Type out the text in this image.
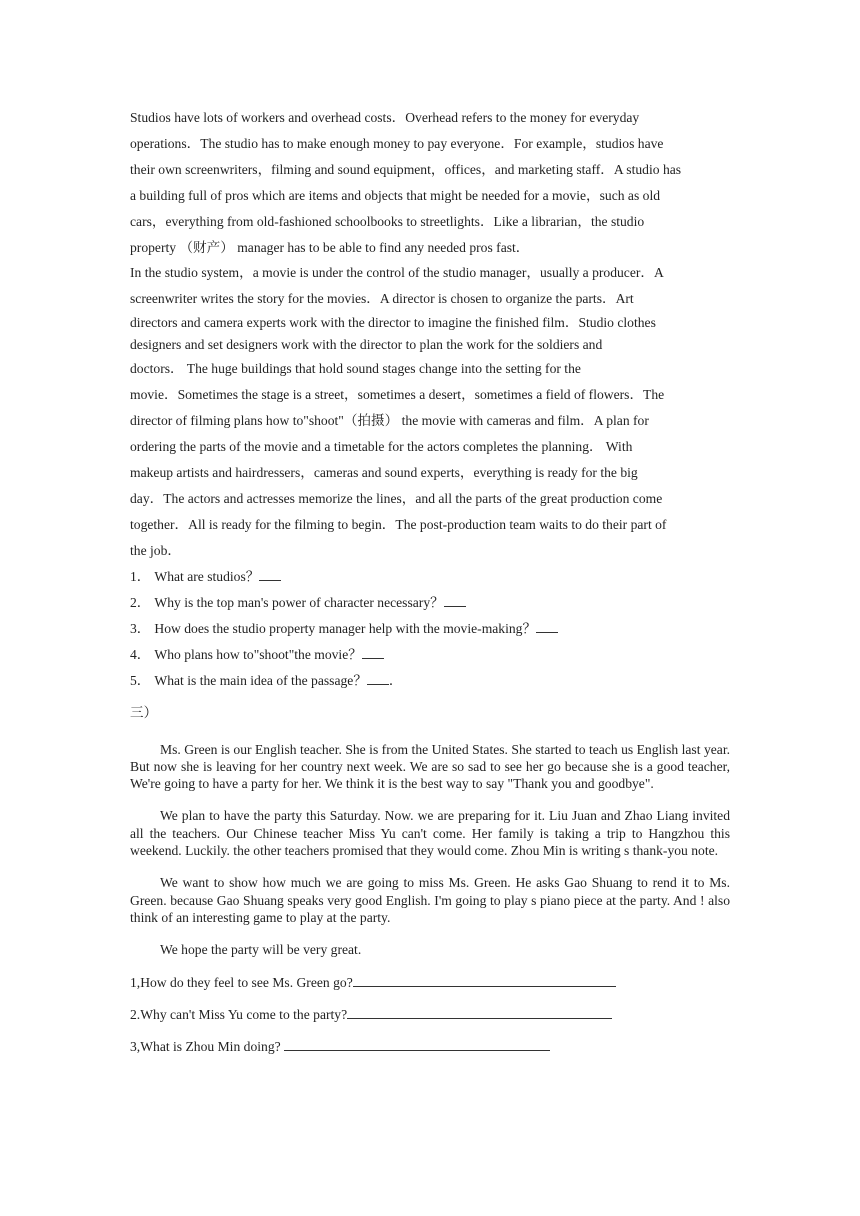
Studios have lots of workers and overhead costs．Overhead refers to the money for everyday

operations．The studio has to make enough money to pay everyone．For example，studios have

their own screenwriters，filming and sound equipment，offices，and marketing staff．A studio has

a building full of pros which are items and objects that might be needed for a movie，such as old

cars，everything from old-fashioned schoolbooks to streetlights．Like a librarian，the studio

property （财产） manager has to be able to find any needed pros fast．

In the studio system，a movie is under the control of the studio manager，usually a producer．A

screenwriter writes the story for the movies．A director is chosen to organize the parts．Art

directors and camera experts work with the director to imagine the finished film．Studio clothes

designers and set designers work with the director to plan the work for the soldiers and

doctors． The huge buildings that hold sound stages change into the setting for the

movie．Sometimes the stage is a street，sometimes a desert，sometimes a field of flowers．The

director of filming plans how to"shoot"（拍摄） the movie with cameras and film．A plan for

ordering the parts of the movie and a timetable for the actors completes the planning． With

makeup artists and hairdressers，cameras and sound experts，everything is ready for the big

day．The actors and actresses memorize the lines，and all the parts of the great production come

together．All is ready for the filming to begin．The post-production team waits to do their part of

the job．

1． What are studios？

2． Why is the top man's power of character necessary？

3． How does the studio property manager help with the movie-making？

4． Who plans how to"shoot"the movie？

5． What is the main idea of the passage？ ．

三）

Ms. Green is our English teacher. She is from the United States. She started to teach us English last year. But now she is leaving for her country next week. We are so sad to see her go because she is a good teacher, We're going to have a party for her. We think it is the best way to say "Thank you and goodbye".

We plan to have the party this Saturday. Now. we are preparing for it. Liu Juan and Zhao Liang invited all the teachers. Our Chinese teacher Miss Yu can't come. Her family is taking a trip to Hangzhou this weekend. Luckily. the other teachers promised that they would come. Zhou Min is writing s thank-you note.

We want to show how much we are going to miss Ms. Green. He asks Gao Shuang to rend it to Ms. Green. because Gao Shuang speaks very good English. I'm going to play s piano piece at the party. And ! also think of an interesting game to play at the party.

We hope the party will be very great.

1,How do they feel to see Ms. Green go?

2.Why can't Miss Yu come to the party?

3,What is Zhou Min doing?
